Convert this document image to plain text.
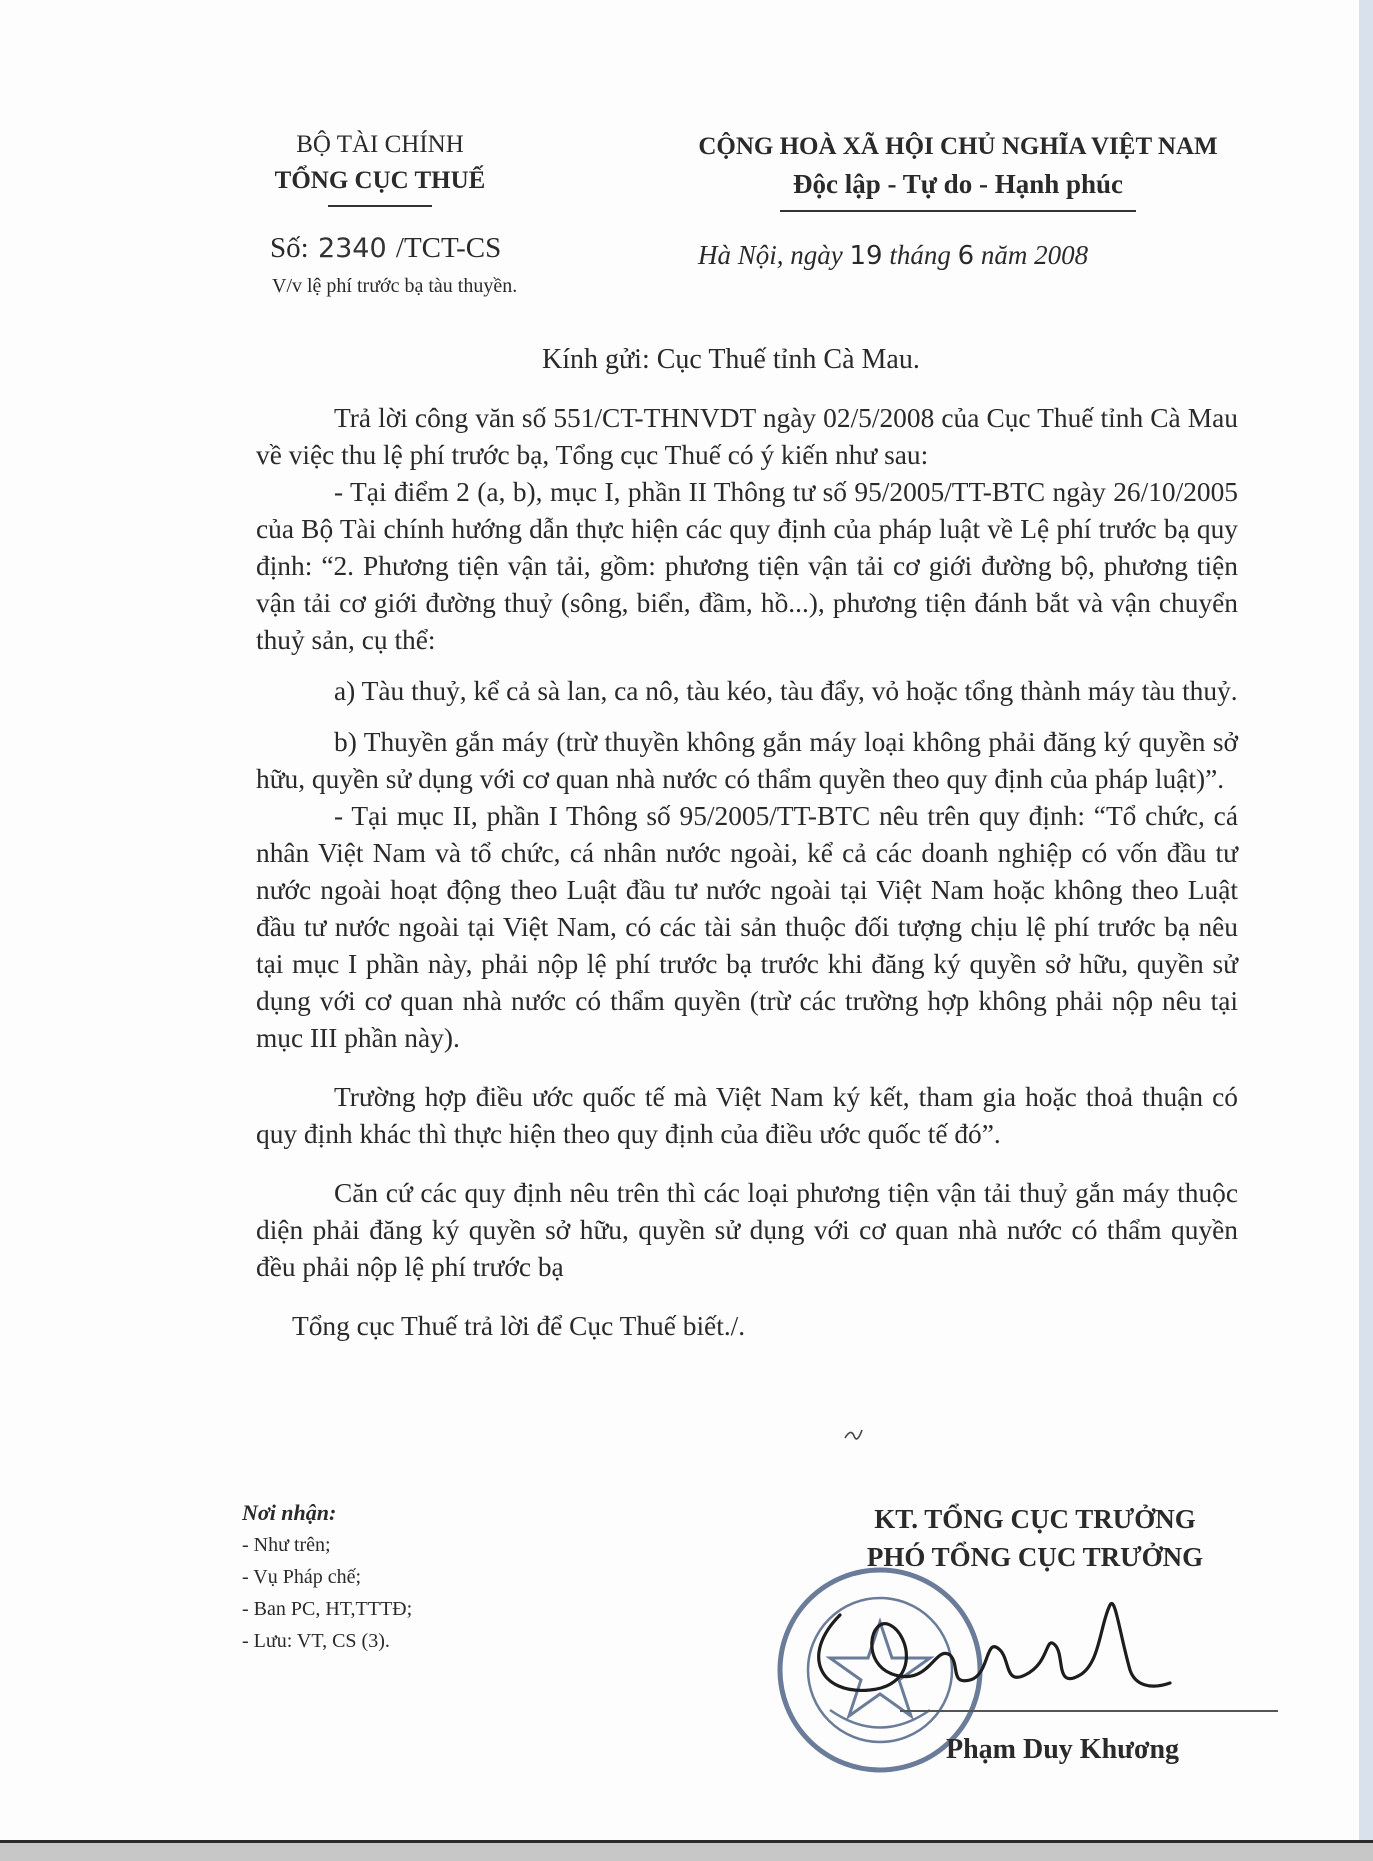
BỘ TÀI CHÍNH
TỔNG CỤC THUẾ
CỘNG HOÀ XÃ HỘI CHỦ NGHĨA VIỆT NAM
Độc lập - Tự do - Hạnh phúc
Số: 2340 /TCT-CS
V/v lệ phí trước bạ tàu thuyền.
Hà Nội, ngày 19 tháng 6 năm 2008
Kính gửi: Cục Thuế tỉnh Cà Mau.

Trả lời công văn số 551/CT-THNVDT ngày 02/5/2008 của Cục Thuế tỉnh Cà Mau về việc thu lệ phí trước bạ, Tổng cục Thuế có ý kiến như sau:

- Tại điểm 2 (a, b), mục I, phần II Thông tư số 95/2005/TT-BTC ngày 26/10/2005 của Bộ Tài chính hướng dẫn thực hiện các quy định của pháp luật về Lệ phí trước bạ quy định: “2. Phương tiện vận tải, gồm: phương tiện vận tải cơ giới đường bộ, phương tiện vận tải cơ giới đường thuỷ (sông, biển, đầm, hồ...), phương tiện đánh bắt và vận chuyển thuỷ sản, cụ thể:

a) Tàu thuỷ, kể cả sà lan, ca nô, tàu kéo, tàu đẩy, vỏ hoặc tổng thành máy tàu thuỷ.

b) Thuyền gắn máy (trừ thuyền không gắn máy loại không phải đăng ký quyền sở hữu, quyền sử dụng với cơ quan nhà nước có thẩm quyền theo quy định của pháp luật)”.

- Tại mục II, phần I Thông số 95/2005/TT-BTC nêu trên quy định: “Tổ chức, cá nhân Việt Nam và tổ chức, cá nhân nước ngoài, kể cả các doanh nghiệp có vốn đầu tư nước ngoài hoạt động theo Luật đầu tư nước ngoài tại Việt Nam hoặc không theo Luật đầu tư nước ngoài tại Việt Nam, có các tài sản thuộc đối tượng chịu lệ phí trước bạ nêu tại mục I phần này, phải nộp lệ phí trước bạ trước khi đăng ký quyền sở hữu, quyền sử dụng với cơ quan nhà nước có thẩm quyền (trừ các trường hợp không phải nộp nêu tại mục III phần này).

Trường hợp điều ước quốc tế mà Việt Nam ký kết, tham gia hoặc thoả thuận có quy định khác thì thực hiện theo quy định của điều ước quốc tế đó”.

Căn cứ các quy định nêu trên thì các loại phương tiện vận tải thuỷ gắn máy thuộc diện phải đăng ký quyền sở hữu, quyền sử dụng với cơ quan nhà nước có thẩm quyền đều phải nộp lệ phí trước bạ

Tổng cục Thuế trả lời để Cục Thuế biết./.

Nơi nhận:
- Như trên;
- Vụ Pháp chế;
- Ban PC, HT,TTTĐ;
- Lưu: VT, CS (3).
KT. TỔNG CỤC TRƯỞNG
PHÓ TỔNG CỤC TRƯỞNG
Phạm Duy Khương
